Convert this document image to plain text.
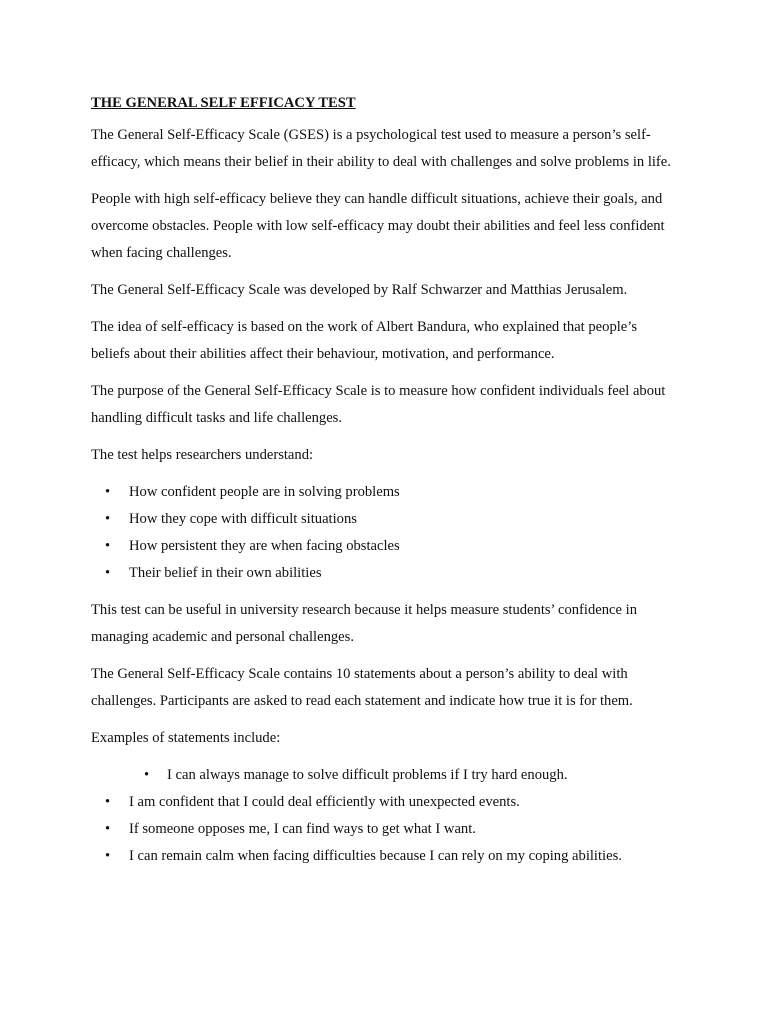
THE GENERAL SELF EFFICACY TEST

The General Self-Efficacy Scale (GSES) is a psychological test used to measure a person’s self-efficacy, which means their belief in their ability to deal with challenges and solve problems in life.

People with high self-efficacy believe they can handle difficult situations, achieve their goals, and overcome obstacles. People with low self-efficacy may doubt their abilities and feel less confident when facing challenges.

The General Self-Efficacy Scale was developed by Ralf Schwarzer and Matthias Jerusalem.

The idea of self-efficacy is based on the work of Albert Bandura, who explained that people’s beliefs about their abilities affect their behaviour, motivation, and performance.

The purpose of the General Self-Efficacy Scale is to measure how confident individuals feel about handling difficult tasks and life challenges.

The test helps researchers understand:

• How confident people are in solving problems
• How they cope with difficult situations
• How persistent they are when facing obstacles
• Their belief in their own abilities

This test can be useful in university research because it helps measure students’ confidence in managing academic and personal challenges.

The General Self-Efficacy Scale contains 10 statements about a person’s ability to deal with challenges. Participants are asked to read each statement and indicate how true it is for them.

Examples of statements include:

• I can always manage to solve difficult problems if I try hard enough.
• I am confident that I could deal efficiently with unexpected events.
• If someone opposes me, I can find ways to get what I want.
• I can remain calm when facing difficulties because I can rely on my coping abilities.
